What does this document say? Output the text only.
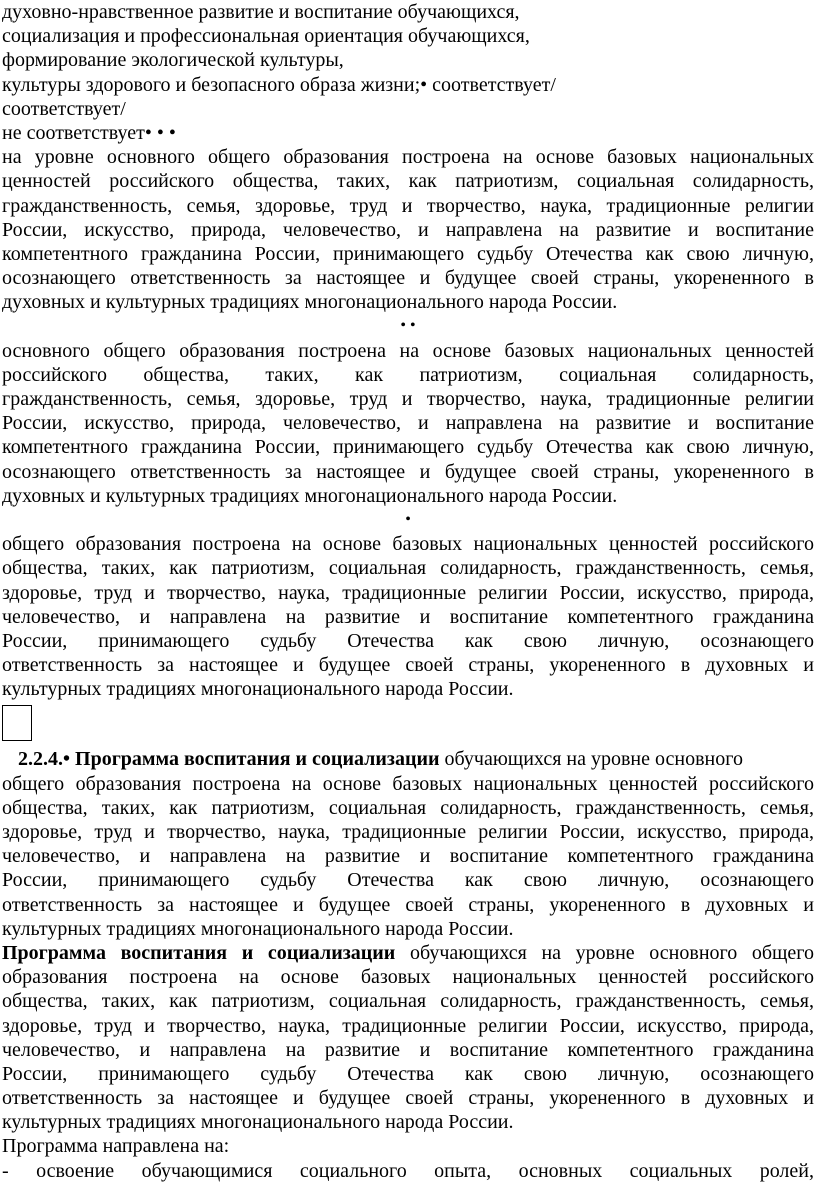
духовно-нравственное развитие и воспитание обучающихся,
социализация и профессиональная ориентация обучающихся,
формирование экологической культуры,
культуры здорового и безопасного образа жизни;• соответствует/
соответствует/
не соответствует• • •
на уровне основного общего образования построена на основе базовых национальных
ценностей российского общества, таких, как патриотизм, социальная солидарность,
гражданственность, семья, здоровье, труд и творчество, наука, традиционные религии
России, искусство, природа, человечество, и направлена на развитие и воспитание
компетентного гражданина России, принимающего судьбу Отечества как свою личную,
осознающего ответственность за настоящее и будущее своей страны, укорененного в
духовных и культурных традициях многонационального народа России.
• •
основного общего образования построена на основе базовых национальных ценностей
российского общества, таких, как патриотизм, социальная солидарность,
гражданственность, семья, здоровье, труд и творчество, наука, традиционные религии
России, искусство, природа, человечество, и направлена на развитие и воспитание
компетентного гражданина России, принимающего судьбу Отечества как свою личную,
осознающего ответственность за настоящее и будущее своей страны, укорененного в
духовных и культурных традициях многонационального народа России.
•
общего образования построена на основе базовых национальных ценностей российского
общества, таких, как патриотизм, социальная солидарность, гражданственность, семья,
здоровье, труд и творчество, наука, традиционные религии России, искусство, природа,
человечество, и направлена на развитие и воспитание компетентного гражданина
России, принимающего судьбу Отечества как свою личную, осознающего
ответственность за настоящее и будущее своей страны, укорененного в духовных и
культурных традициях многонационального народа России.
2.2.4.• Программа воспитания и социализации обучающихся на уровне основного
общего образования построена на основе базовых национальных ценностей российского
общества, таких, как патриотизм, социальная солидарность, гражданственность, семья,
здоровье, труд и творчество, наука, традиционные религии России, искусство, природа,
человечество, и направлена на развитие и воспитание компетентного гражданина
России, принимающего судьбу Отечества как свою личную, осознающего
ответственность за настоящее и будущее своей страны, укорененного в духовных и
культурных традициях многонационального народа России.
Программа воспитания и социализации обучающихся на уровне основного общего
образования построена на основе базовых национальных ценностей российского
общества, таких, как патриотизм, социальная солидарность, гражданственность, семья,
здоровье, труд и творчество, наука, традиционные религии России, искусство, природа,
человечество, и направлена на развитие и воспитание компетентного гражданина
России, принимающего судьбу Отечества как свою личную, осознающего
ответственность за настоящее и будущее своей страны, укорененного в духовных и
культурных традициях многонационального народа России.
Программа направлена на:
- освоение обучающимися социального опыта, основных социальных ролей,
